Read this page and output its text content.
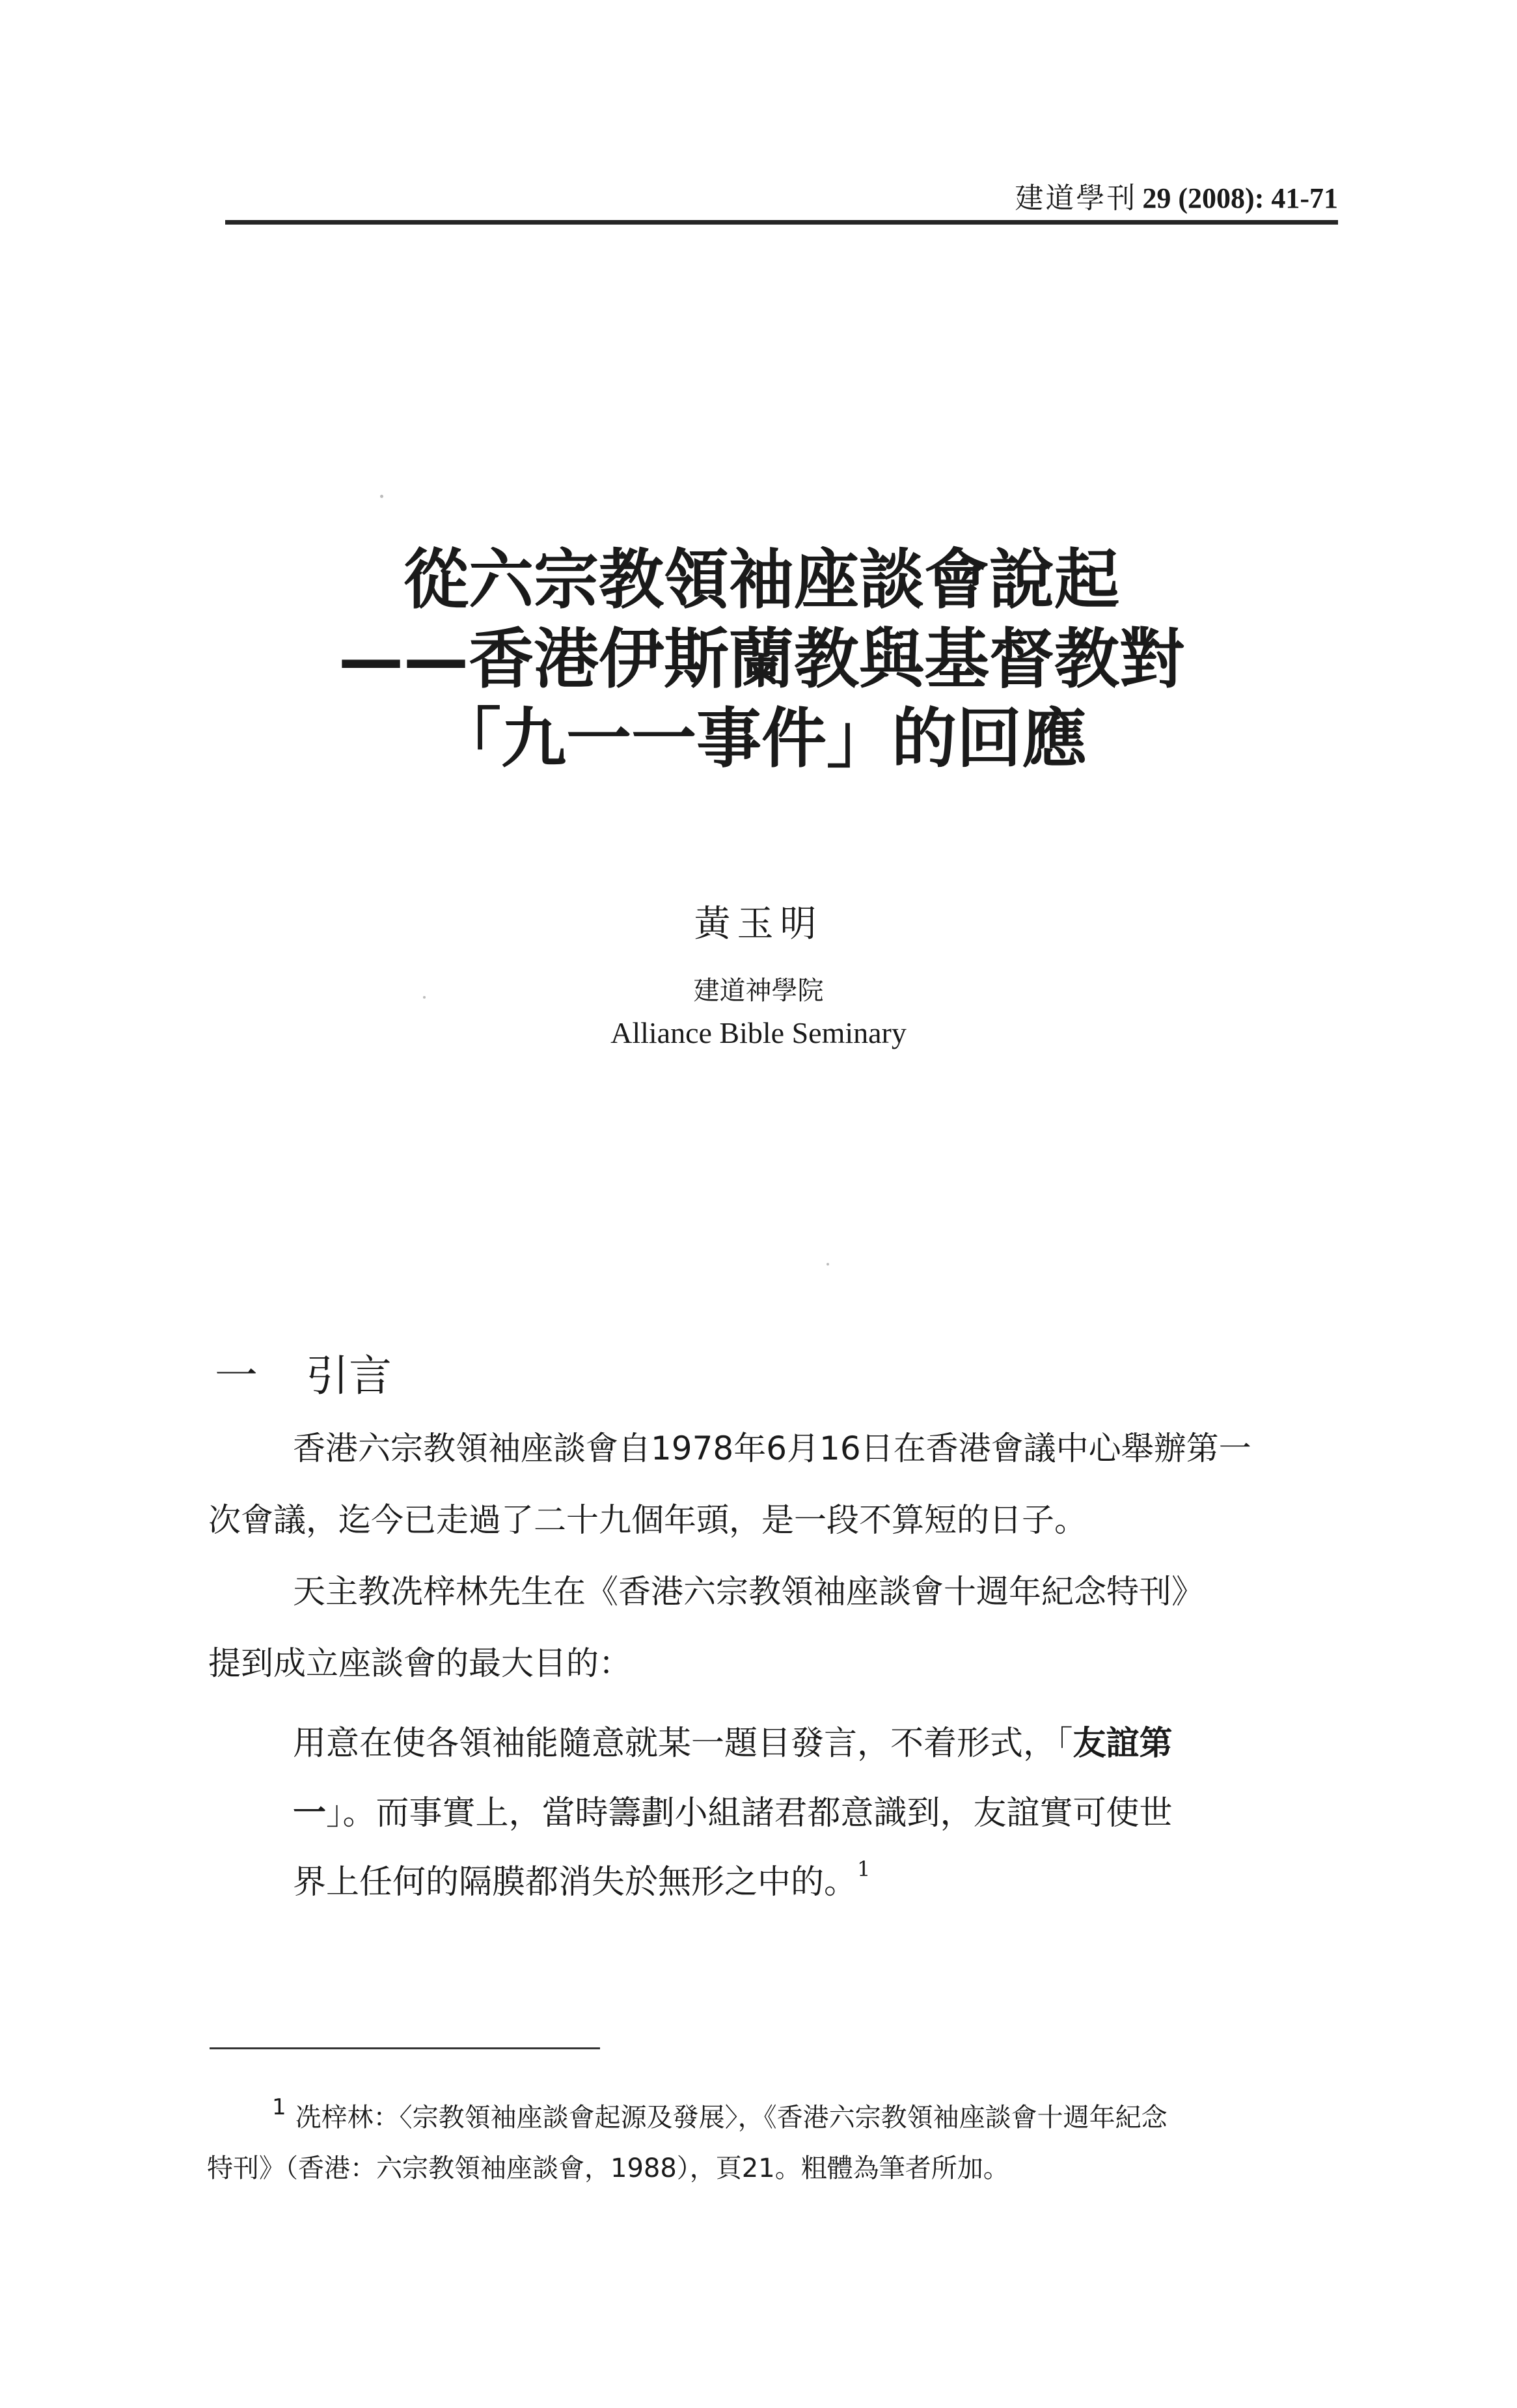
建道學刊 29 (2008): 41-71
從六宗教領袖座談會說起
——香港伊斯蘭教與基督教對
「九一一事件」的回應
黃玉明
建道神學院
Alliance Bible Seminary
一 引言
香港六宗教領袖座談會自1978年6月16日在香港會議中心舉辦第一
次會議，迄今已走過了二十九個年頭，是一段不算短的日子。
天主教冼梓林先生在《香港六宗教領袖座談會十週年紀念特刊》
提到成立座談會的最大目的：
用意在使各領袖能隨意就某一題目發言，不着形式，「友誼第
一」。而事實上，當時籌劃小組諸君都意識到，友誼實可使世
界上任何的隔膜都消失於無形之中的。$^1$
$^1$ 冼梓林：〈宗教領袖座談會起源及發展〉，《香港六宗教領袖座談會十週年紀念
特刊》（香港：六宗教領袖座談會，1988），頁21。粗體為筆者所加。
